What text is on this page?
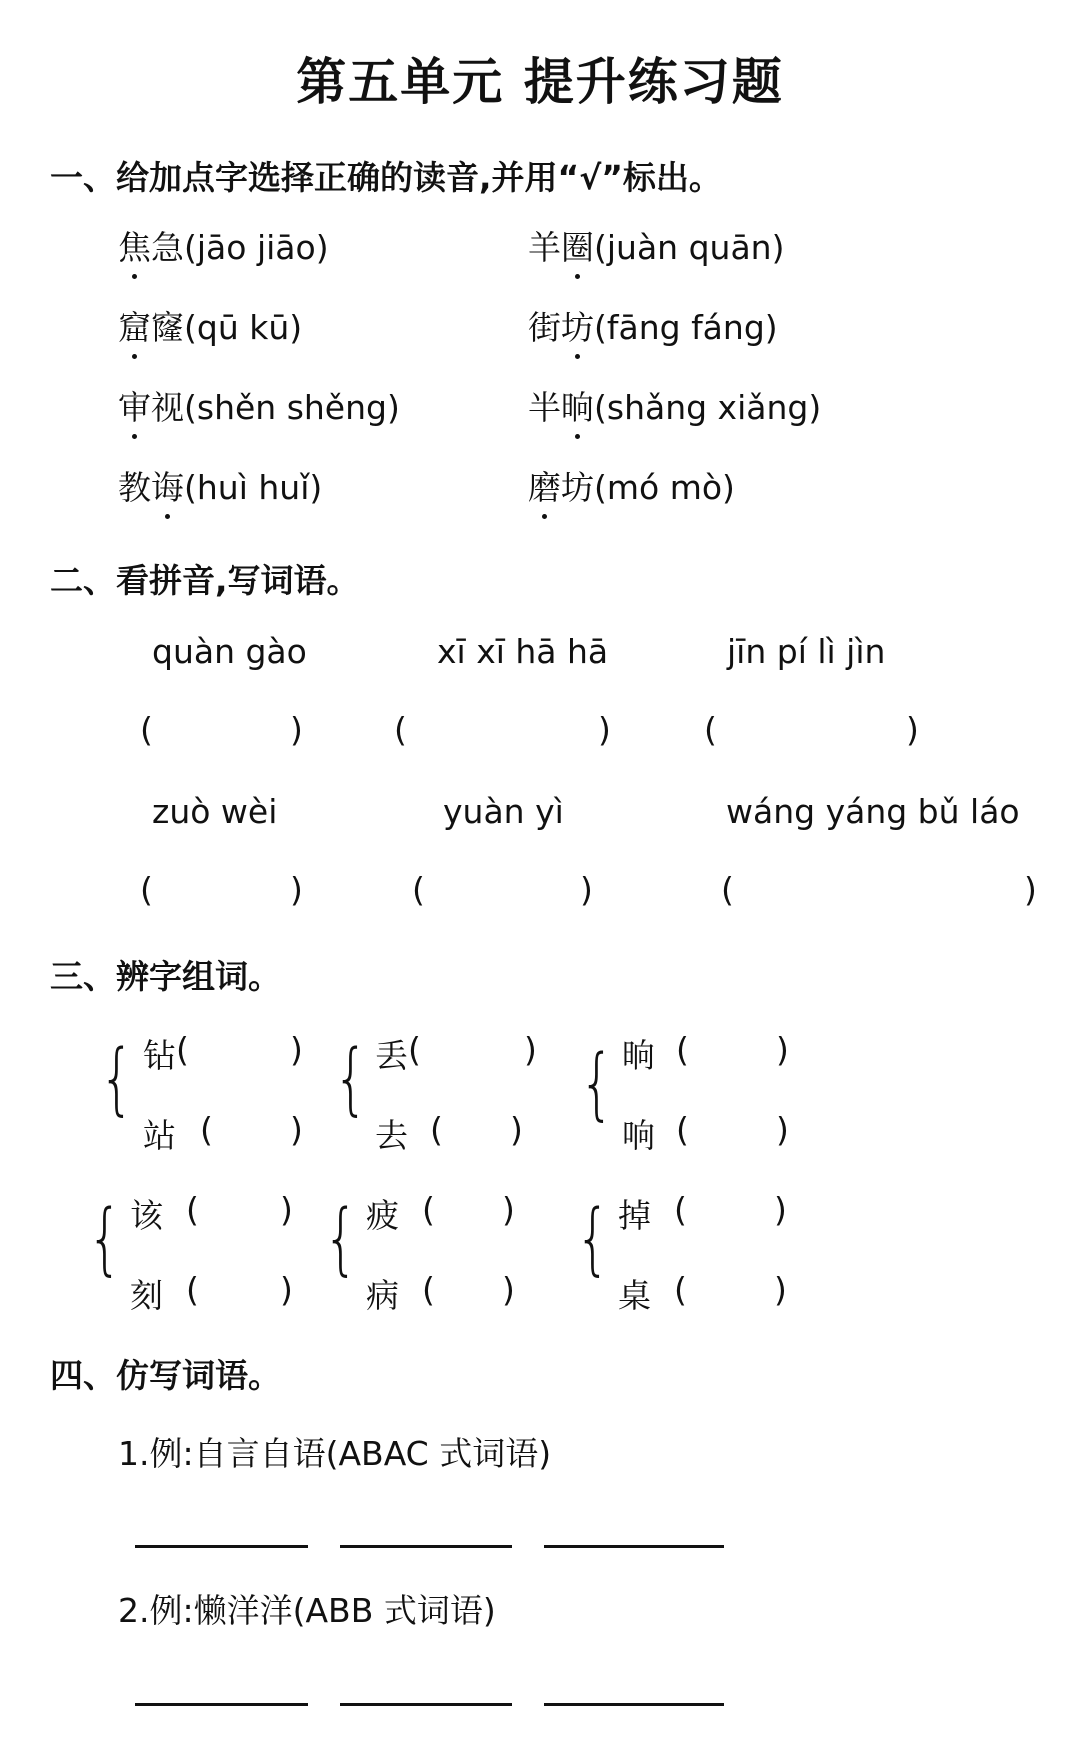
第五单元 提升练习题
一、给加点字选择正确的读音,并用“√”标出。
焦急(jāo jiāo)	羊圈(juàn quān)
窟窿(qū kū)	街坊(fāng fáng)
审视(shěn shěng)	半晌(shǎng xiǎng)
教诲(huì huǐ)	磨坊(mó mò)
二、看拼音,写词语。
quàn gào	xī xī hā hā	jīn pí lì jìn
(	)	(	)	(	)
zuò wèi	yuàn yì	wáng yáng bǔ láo
(	)	(	)	(	)
三、辨字组词。
{ 钻 (	)
站 ( )
{ 丢 (	)
去 ( )
{ 晌 (	)
响 (	)
{ 该 ( )
刻 ( )
{ 疲 ( )
病 ( )
{ 掉 (	)
桌 (	)
四、仿写词语。
1.例:自言自语(ABAC 式词语)
2.例:懒洋洋(ABB 式词语)
